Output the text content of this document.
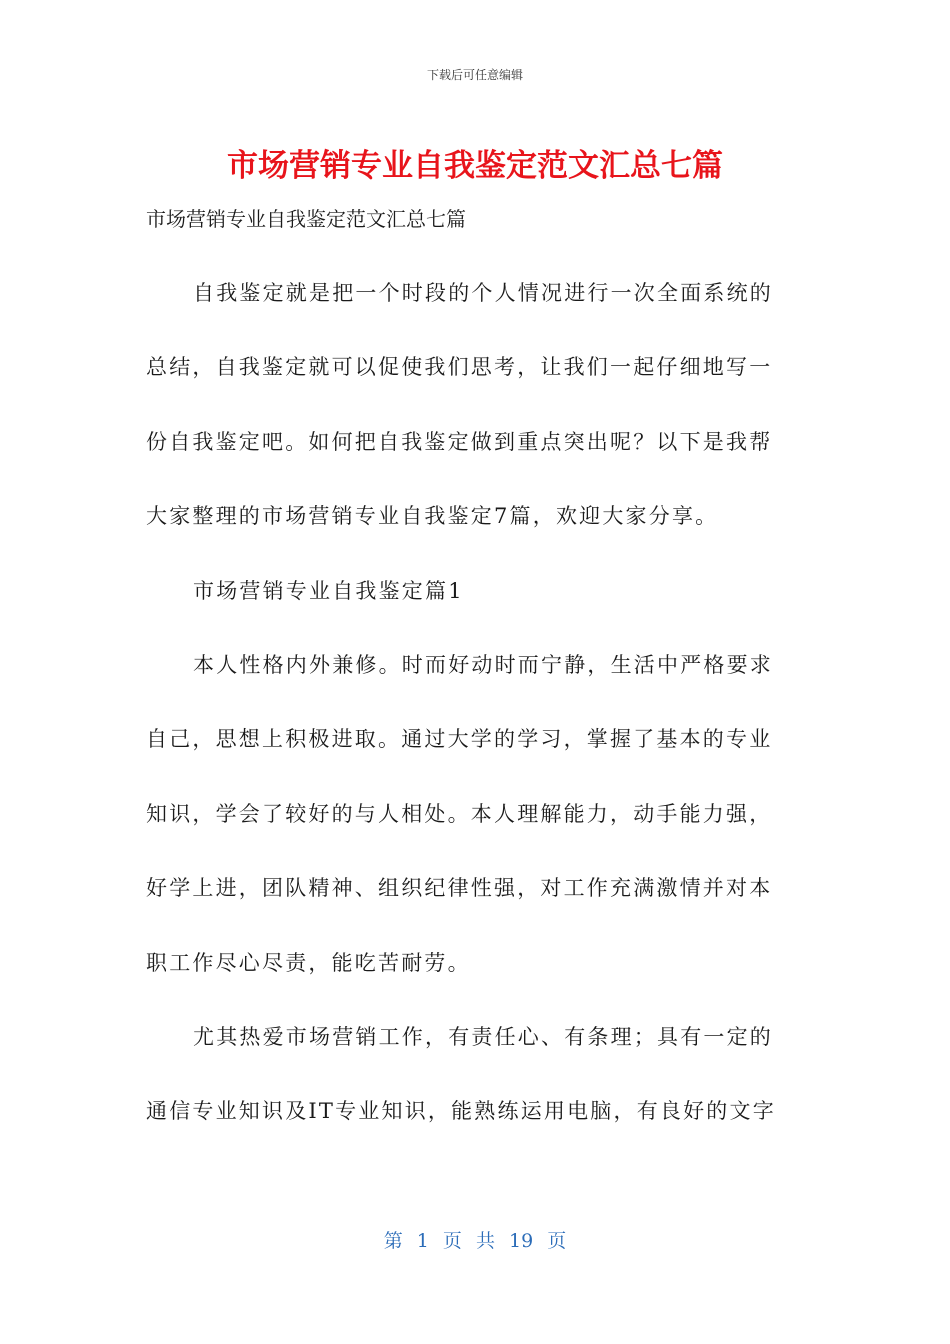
下载后可任意编辑
市场营销专业自我鉴定范文汇总七篇
市场营销专业自我鉴定范文汇总七篇
自我鉴定就是把一个时段的个人情况进行一次全面系统的
总结，自我鉴定就可以促使我们思考，让我们一起仔细地写一
份自我鉴定吧。如何把自我鉴定做到重点突出呢？以下是我帮
大家整理的市场营销专业自我鉴定7篇，欢迎大家分享。
市场营销专业自我鉴定篇1
本人性格内外兼修。时而好动时而宁静，生活中严格要求
自己，思想上积极进取。通过大学的学习，掌握了基本的专业
知识，学会了较好的与人相处。本人理解能力，动手能力强，
好学上进，团队精神、组织纪律性强，对工作充满激情并对本
职工作尽心尽责，能吃苦耐劳。
尤其热爱市场营销工作，有责任心、有条理；具有一定的
通信专业知识及IT专业知识，能熟练运用电脑，有良好的文字
第 1 页 共 19 页
